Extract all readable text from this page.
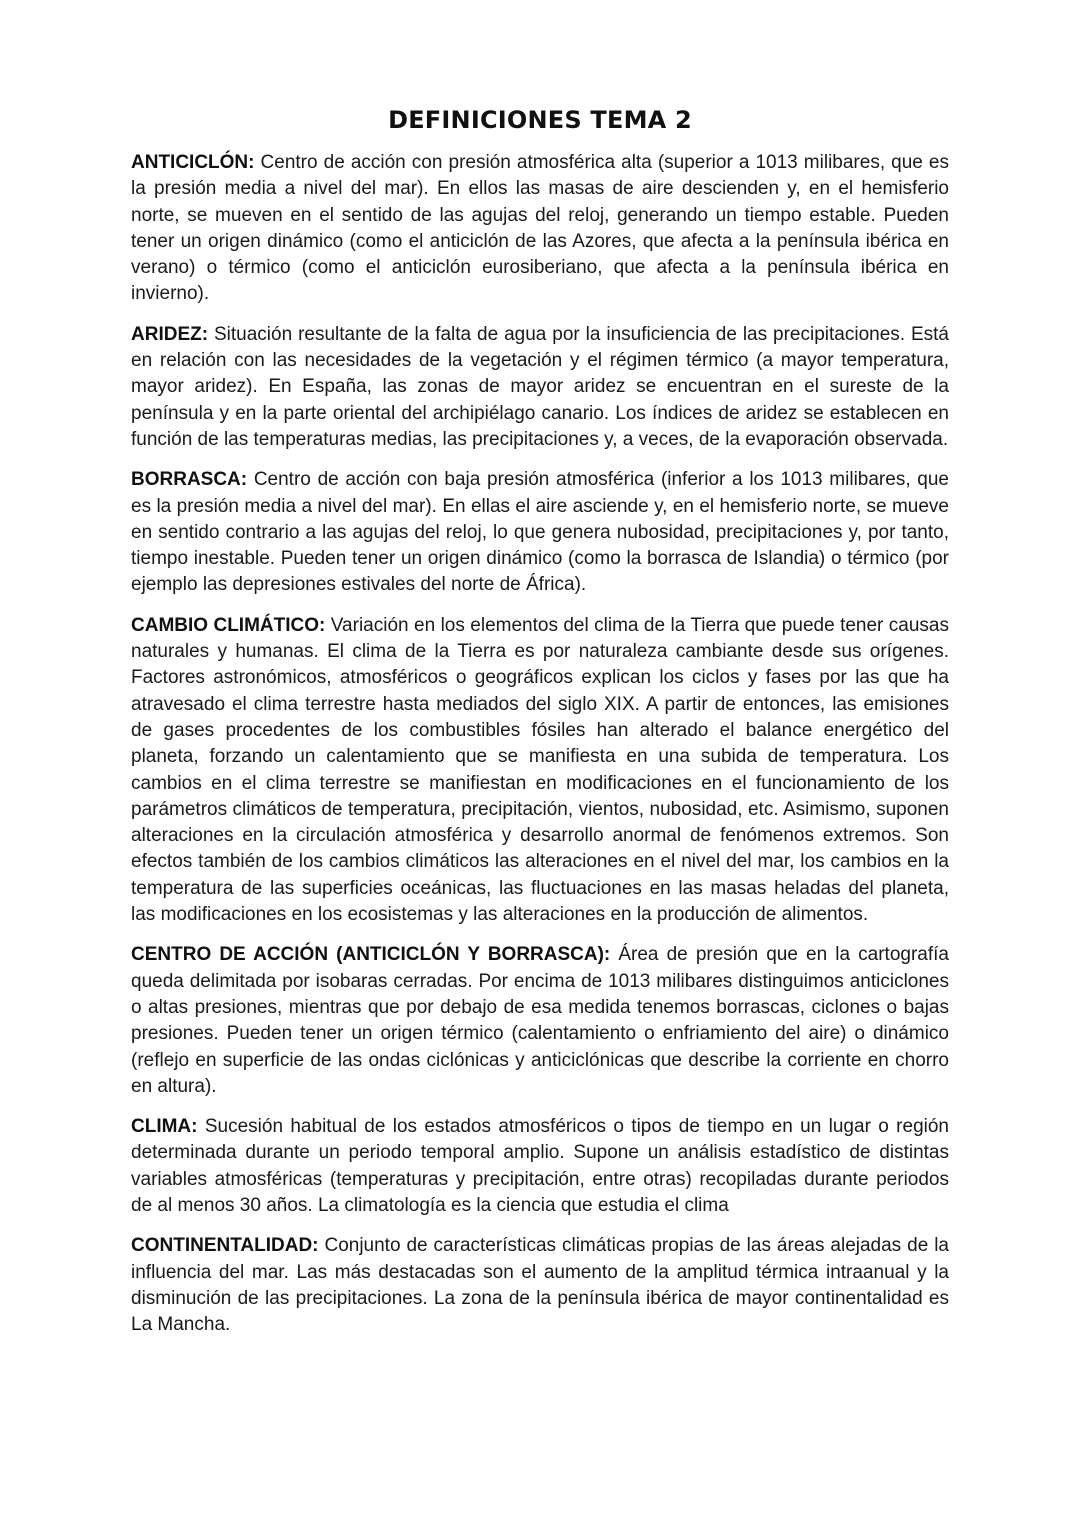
DEFINICIONES TEMA 2

ANTICICLÓN: Centro de acción con presión atmosférica alta (superior a 1013 milibares, que es la presión media a nivel del mar). En ellos las masas de aire descienden y, en el hemisferio norte, se mueven en el sentido de las agujas del reloj, generando un tiempo estable. Pueden tener un origen dinámico (como el anticiclón de las Azores, que afecta a la península ibérica en verano) o térmico (como el anticiclón eurosiberiano, que afecta a la península ibérica en invierno).

ARIDEZ: Situación resultante de la falta de agua por la insuficiencia de las precipitaciones. Está en relación con las necesidades de la vegetación y el régimen térmico (a mayor temperatura, mayor aridez). En España, las zonas de mayor aridez se encuentran en el sureste de la península y en la parte oriental del archipiélago canario. Los índices de aridez se establecen en función de las temperaturas medias, las precipitaciones y, a veces, de la evaporación observada.

BORRASCA: Centro de acción con baja presión atmosférica (inferior a los 1013 milibares, que es la presión media a nivel del mar). En ellas el aire asciende y, en el hemisferio norte, se mueve en sentido contrario a las agujas del reloj, lo que genera nubosidad, precipitaciones y, por tanto, tiempo inestable. Pueden tener un origen dinámico (como la borrasca de Islandia) o térmico (por ejemplo las depresiones estivales del norte de África).

CAMBIO CLIMÁTICO: Variación en los elementos del clima de la Tierra que puede tener causas naturales y humanas. El clima de la Tierra es por naturaleza cambiante desde sus orígenes. Factores astronómicos, atmosféricos o geográficos explican los ciclos y fases por las que ha atravesado el clima terrestre hasta mediados del siglo XIX. A partir de entonces, las emisiones de gases procedentes de los combustibles fósiles han alterado el balance energético del planeta, forzando un calentamiento que se manifiesta en una subida de temperatura. Los cambios en el clima terrestre se manifiestan en modificaciones en el funcionamiento de los parámetros climáticos de temperatura, precipitación, vientos, nubosidad, etc. Asimismo, suponen alteraciones en la circulación atmosférica y desarrollo anormal de fenómenos extremos. Son efectos también de los cambios climáticos las alteraciones en el nivel del mar, los cambios en la temperatura de las superficies oceánicas, las fluctuaciones en las masas heladas del planeta, las modificaciones en los ecosistemas y las alteraciones en la producción de alimentos.

CENTRO DE ACCIÓN (ANTICICLÓN Y BORRASCA): Área de presión que en la cartografía queda delimitada por isobaras cerradas. Por encima de 1013 milibares distinguimos anticiclones o altas presiones, mientras que por debajo de esa medida tenemos borrascas, ciclones o bajas presiones. Pueden tener un origen térmico (calentamiento o enfriamiento del aire) o dinámico (reflejo en superficie de las ondas ciclónicas y anticiclónicas que describe la corriente en chorro en altura).

CLIMA: Sucesión habitual de los estados atmosféricos o tipos de tiempo en un lugar o región determinada durante un periodo temporal amplio. Supone un análisis estadístico de distintas variables atmosféricas (temperaturas y precipitación, entre otras) recopiladas durante periodos de al menos 30 años. La climatología es la ciencia que estudia el clima

CONTINENTALIDAD: Conjunto de características climáticas propias de las áreas alejadas de la influencia del mar. Las más destacadas son el aumento de la amplitud térmica intraanual y la disminución de las precipitaciones. La zona de la península ibérica de mayor continentalidad es La Mancha.
